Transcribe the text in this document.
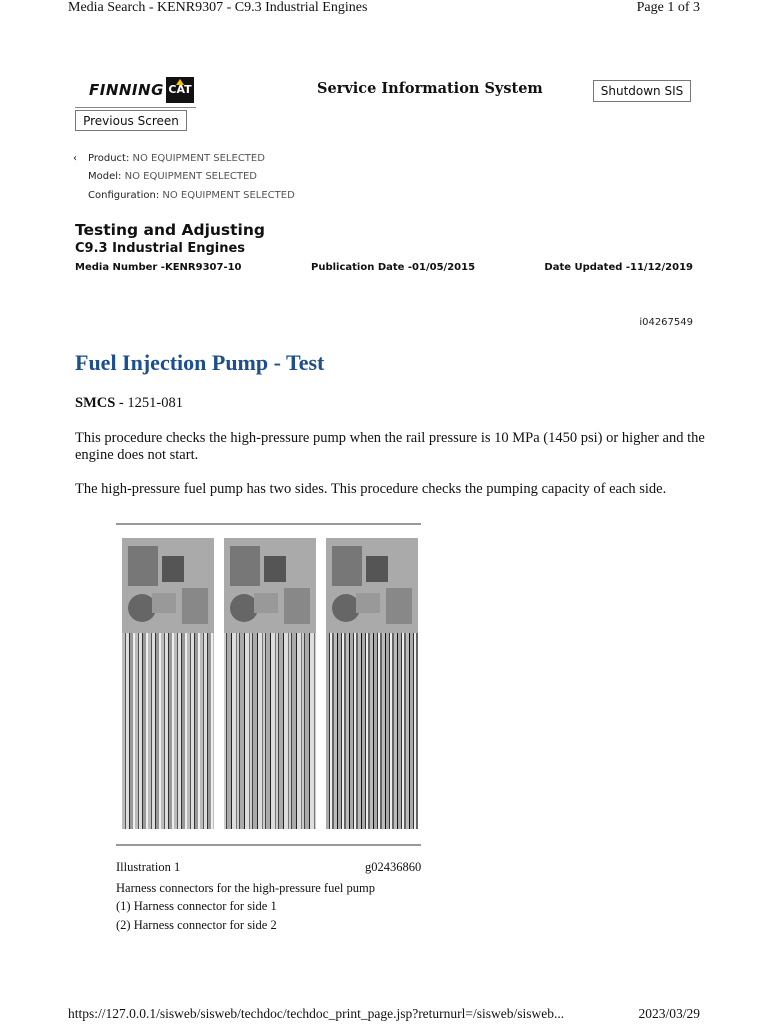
Media Search - KENR9307 - C9.3 Industrial Engines	Page 1 of 3
FINNING CAT	Service Information System	Shutdown SIS
Previous Screen
‹ Product: NO EQUIPMENT SELECTED
Model: NO EQUIPMENT SELECTED
Configuration: NO EQUIPMENT SELECTED
Testing and Adjusting
C9.3 Industrial Engines
Media Number -KENR9307-10	Publication Date -01/05/2015	Date Updated -11/12/2019
i04267549
Fuel Injection Pump - Test
SMCS - 1251-081
This procedure checks the high-pressure pump when the rail pressure is 10 MPa (1450 psi) or higher and the engine does not start.
The high-pressure fuel pump has two sides. This procedure checks the pumping capacity of each side.
Illustration 1	g02436860
Harness connectors for the high-pressure fuel pump
(1) Harness connector for side 1
(2) Harness connector for side 2
https://127.0.0.1/sisweb/sisweb/techdoc/techdoc_print_page.jsp?returnurl=/sisweb/sisweb...	2023/03/29
